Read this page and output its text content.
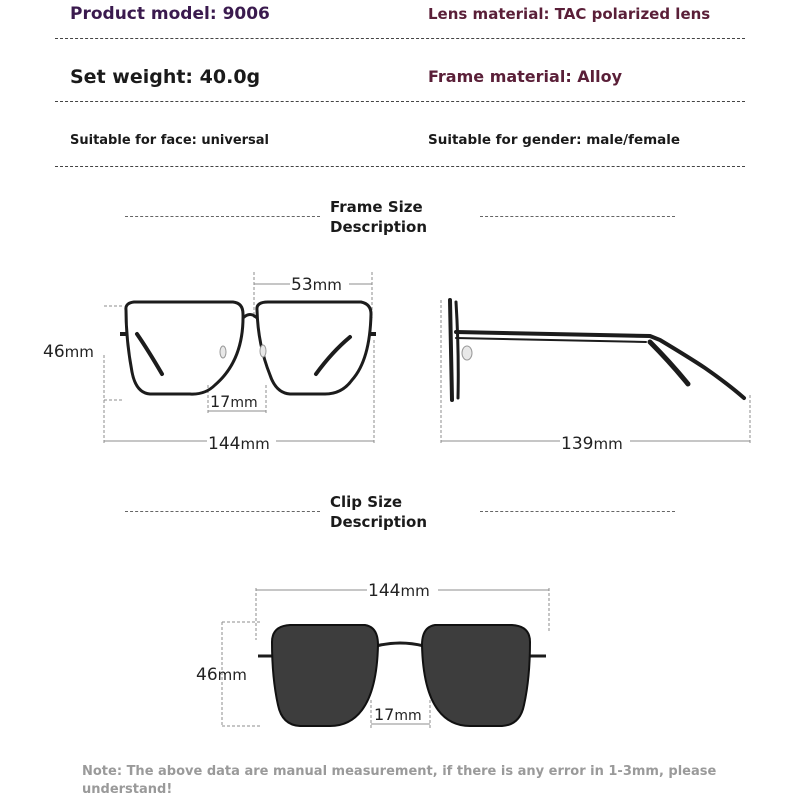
Product model: 9006	Lens material: TAC polarized lens
Set weight: 40.0g	Frame material: Alloy
Suitable for face: universal	Suitable for gender: male/female
Frame Size
Description
Clip Size
Description
53mm
46mm
17mm
144mm	139mm
144mm
46mm
17mm
Note: The above data are manual measurement, if there is any error in 1-3mm, please understand!
